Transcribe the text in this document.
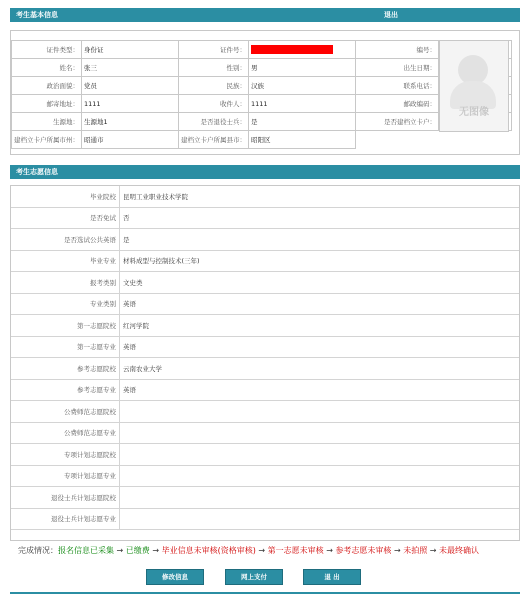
考生基本信息	退出
证件类型：	身份证	证件号：		编号：	
姓名：	张三	性别：	男	出生日期：	
政治面貌：	党员	民族：	汉族	联系电话：	
邮寄地址：	1111	收件人：	1111	邮政编码：	
生源地：	生源地1	是否退役士兵：	是	是否建档立卡户：	
建档立卡户所属市州：	昭通市	建档立卡户所属县市：	昭阳区		
无图像
考生志愿信息
毕业院校	昆明工业职业技术学院
是否免试	否
是否选试公共英语	是
毕业专业	材料成型与控制技术(三年)
报考类别	文史类
专业类别	英语
第一志愿院校	红河学院
第一志愿专业	英语
参考志愿院校	云南农业大学
参考志愿专业	英语
公费师范志愿院校	
公费师范志愿专业	
专项计划志愿院校	
专项计划志愿专业	
退役士兵计划志愿院校	
退役士兵计划志愿专业	
完成情况：报名信息已采集 → 已缴费 → 毕业信息未审核(资格审核) → 第一志愿未审核 → 参考志愿未审核 → 未拍照 → 未最终确认
修改信息	网上支付	退 出
